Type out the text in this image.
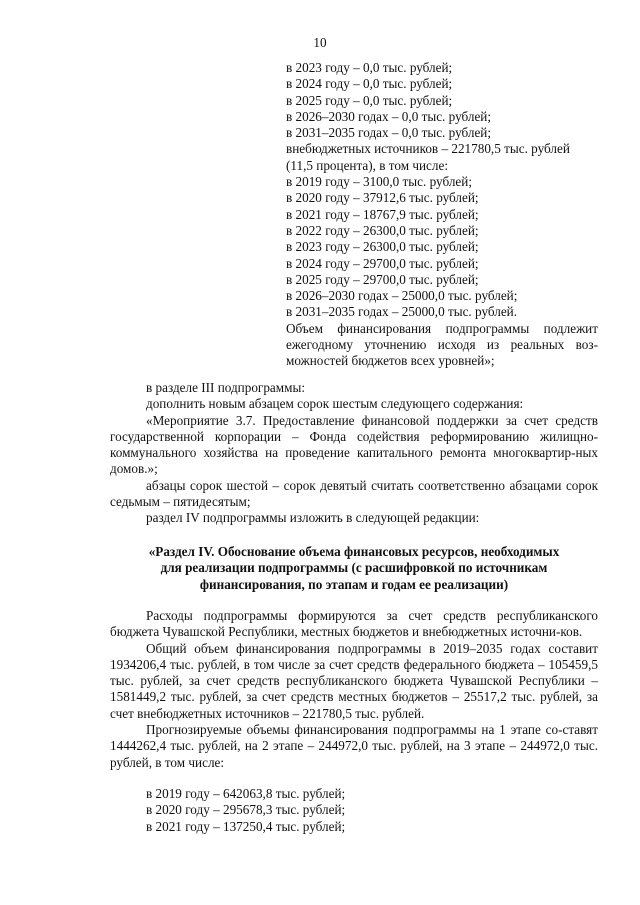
10
в 2023 году – 0,0 тыс. рублей;
в 2024 году – 0,0 тыс. рублей;
в 2025 году – 0,0 тыс. рублей;
в 2026–2030 годах – 0,0 тыс. рублей;
в 2031–2035 годах – 0,0 тыс. рублей;
внебюджетных источников – 221780,5 тыс. рублей
(11,5 процента), в том числе:
в 2019 году – 3100,0 тыс. рублей;
в 2020 году – 37912,6 тыс. рублей;
в 2021 году – 18767,9 тыс. рублей;
в 2022 году – 26300,0 тыс. рублей;
в 2023 году – 26300,0 тыс. рублей;
в 2024 году – 29700,0 тыс. рублей;
в 2025 году – 29700,0 тыс. рублей;
в 2026–2030 годах – 25000,0 тыс. рублей;
в 2031–2035 годах – 25000,0 тыс. рублей.
Объем финансирования подпрограммы подлежит ежегодному уточнению исходя из реальных воз-можностей бюджетов всех уровней»;

в разделе III подпрограммы:

дополнить новым абзацем сорок шестым следующего содержания:

«Мероприятие 3.7. Предоставление финансовой поддержки за счет средств государственной корпорации – Фонда содействия реформированию жилищно-коммунального хозяйства на проведение капитального ремонта многоквартир-ных домов.»;

абзацы сорок шестой – сорок девятый считать соответственно абзацами сорок седьмым – пятидесятым;

раздел IV подпрограммы изложить в следующей редакции:

«Раздел IV. Обоснование объема финансовых ресурсов, необходимых
для реализации подпрограммы (с расшифровкой по источникам
финансирования, по этапам и годам ее реализации)

Расходы подпрограммы формируются за счет средств республиканского бюджета Чувашской Республики, местных бюджетов и внебюджетных источни-ков.

Общий объем финансирования подпрограммы в 2019–2035 годах составит 1934206,4 тыс. рублей, в том числе за счет средств федерального бюджета – 105459,5 тыс. рублей, за счет средств республиканского бюджета Чувашской Республики – 1581449,2 тыс. рублей, за счет средств местных бюджетов – 25517,2 тыс. рублей, за счет внебюджетных источников – 221780,5 тыс. рублей.

Прогнозируемые объемы финансирования подпрограммы на 1 этапе со-ставят 1444262,4 тыс. рублей, на 2 этапе – 244972,0 тыс. рублей, на 3 этапе – 244972,0 тыс. рублей, в том числе:

в 2019 году – 642063,8 тыс. рублей;
в 2020 году – 295678,3 тыс. рублей;
в 2021 году – 137250,4 тыс. рублей;
